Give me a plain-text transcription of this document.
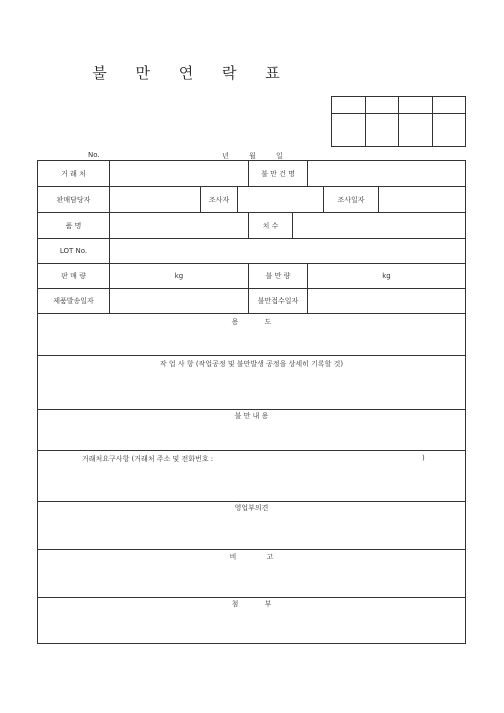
불 만 연 락 표

No.	년 월 일
거 래 처	불 만 건 명
판매담당자	조사자	조사일자
품 명	치 수
LOT No.
판 매 량	kg	불 만 량	kg
제품발송일자	불만접수일자
용 도
작 업 사 항 (작업공정 및 불만발생 공정을 상세히 기록할 것)
불 만 내 용
거래처요구사항 (거래처 주소 및 전화번호 :	)
영업부의견
비 고
첨 부
